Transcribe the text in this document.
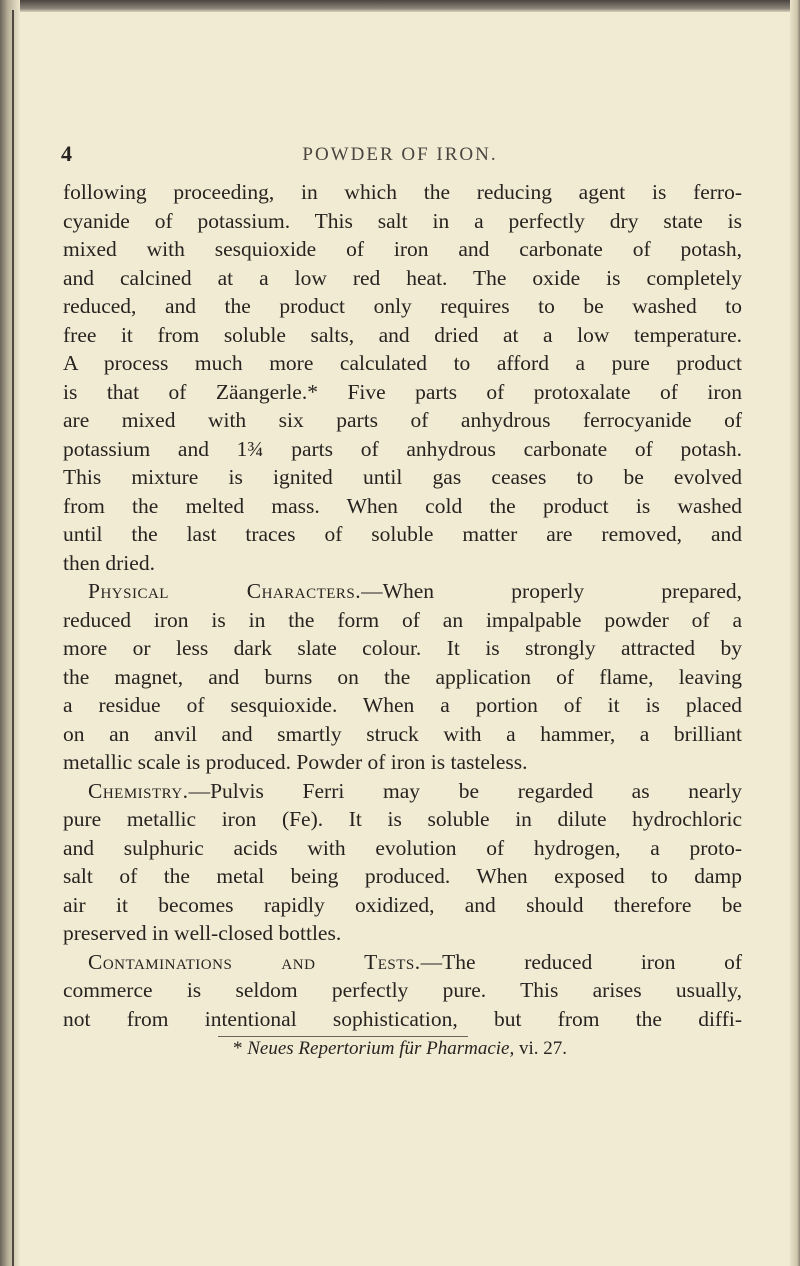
4	POWDER OF IRON.
following proceeding, in which the reducing agent is ferro-
cyanide of potassium. This salt in a perfectly dry state is
mixed with sesquioxide of iron and carbonate of potash,
and calcined at a low red heat. The oxide is completely
reduced, and the product only requires to be washed to
free it from soluble salts, and dried at a low temperature.
A process much more calculated to afford a pure product
is that of Zäangerle.* Five parts of protoxalate of iron
are mixed with six parts of anhydrous ferrocyanide of
potassium and 1¾ parts of anhydrous carbonate of potash.
This mixture is ignited until gas ceases to be evolved
from the melted mass. When cold the product is washed
until the last traces of soluble matter are removed, and
then dried.
Physical Characters.—When properly prepared,
reduced iron is in the form of an impalpable powder of a
more or less dark slate colour. It is strongly attracted by
the magnet, and burns on the application of flame, leaving
a residue of sesquioxide. When a portion of it is placed
on an anvil and smartly struck with a hammer, a brilliant
metallic scale is produced. Powder of iron is tasteless.
Chemistry.—Pulvis Ferri may be regarded as nearly
pure metallic iron (Fe). It is soluble in dilute hydrochloric
and sulphuric acids with evolution of hydrogen, a proto-
salt of the metal being produced. When exposed to damp
air it becomes rapidly oxidized, and should therefore be
preserved in well-closed bottles.
Contaminations and Tests.—The reduced iron of
commerce is seldom perfectly pure. This arises usually,
not from intentional sophistication, but from the diffi-
* Neues Repertorium für Pharmacie, vi. 27.
